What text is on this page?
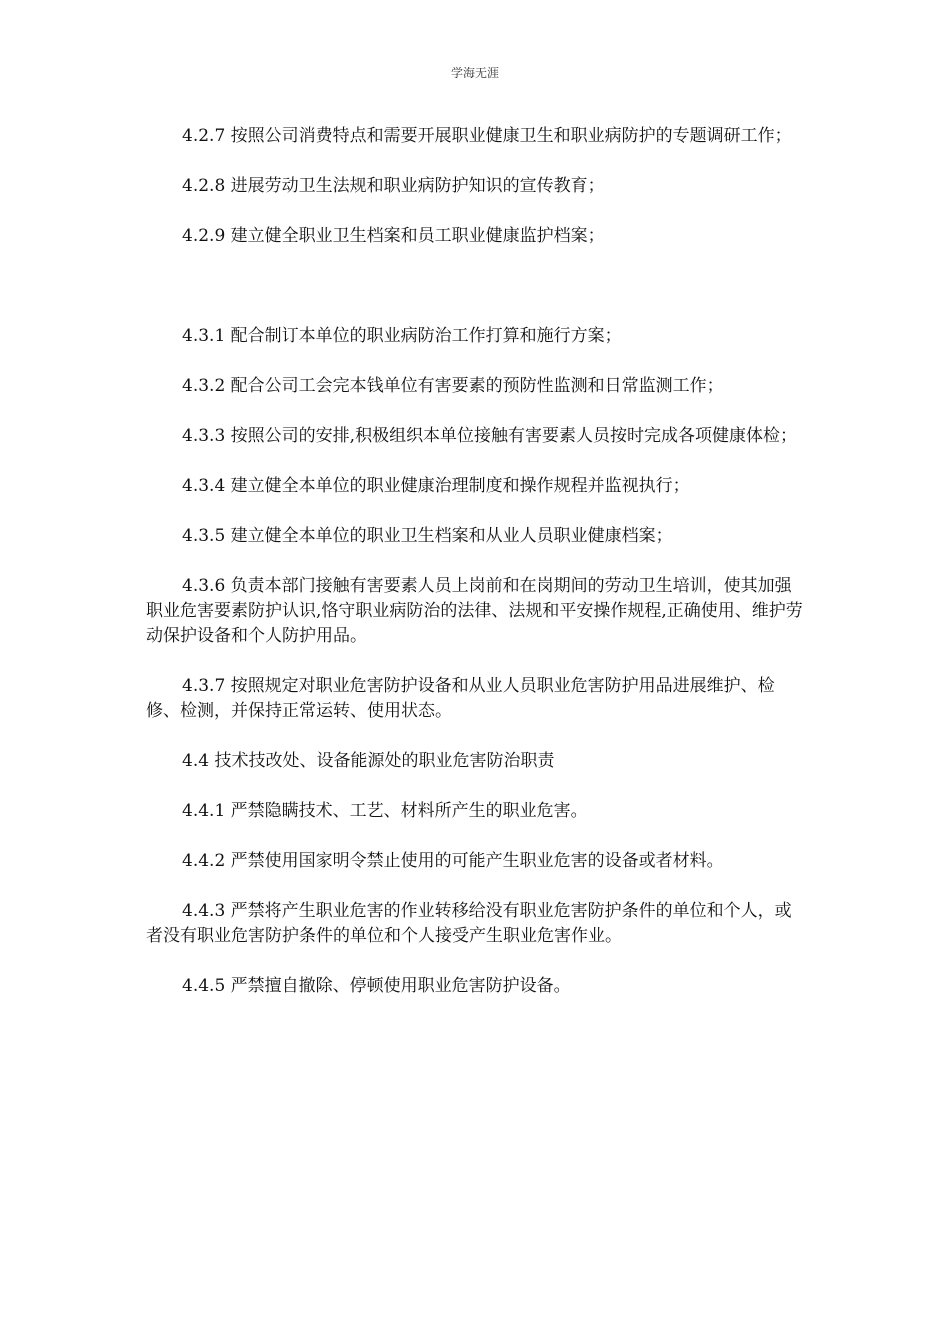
学海无涯

4.2.7 按照公司消费特点和需要开展职业健康卫生和职业病防护的专题调研工作；

4.2.8 进展劳动卫生法规和职业病防护知识的宣传教育；

4.2.9 建立健全职业卫生档案和员工职业健康监护档案；

4.3.1 配合制订本单位的职业病防治工作打算和施行方案；

4.3.2 配合公司工会完本钱单位有害要素的预防性监测和日常监测工作；

4.3.3 按照公司的安排,积极组织本单位接触有害要素人员按时完成各项健康体检；

4.3.4 建立健全本单位的职业健康治理制度和操作规程并监视执行；

4.3.5 建立健全本单位的职业卫生档案和从业人员职业健康档案；

4.3.6 负责本部门接触有害要素人员上岗前和在岗期间的劳动卫生培训，使其加强职业危害要素防护认识,恪守职业病防治的法律、法规和平安操作规程,正确使用、维护劳动保护设备和个人防护用品。

4.3.7 按照规定对职业危害防护设备和从业人员职业危害防护用品进展维护、检修、检测，并保持正常运转、使用状态。

4.4 技术技改处、设备能源处的职业危害防治职责

4.4.1 严禁隐瞒技术、工艺、材料所产生的职业危害。

4.4.2 严禁使用国家明令禁止使用的可能产生职业危害的设备或者材料。

4.4.3 严禁将产生职业危害的作业转移给没有职业危害防护条件的单位和个人，或者没有职业危害防护条件的单位和个人接受产生职业危害作业。

4.4.5 严禁擅自撤除、停顿使用职业危害防护设备。
